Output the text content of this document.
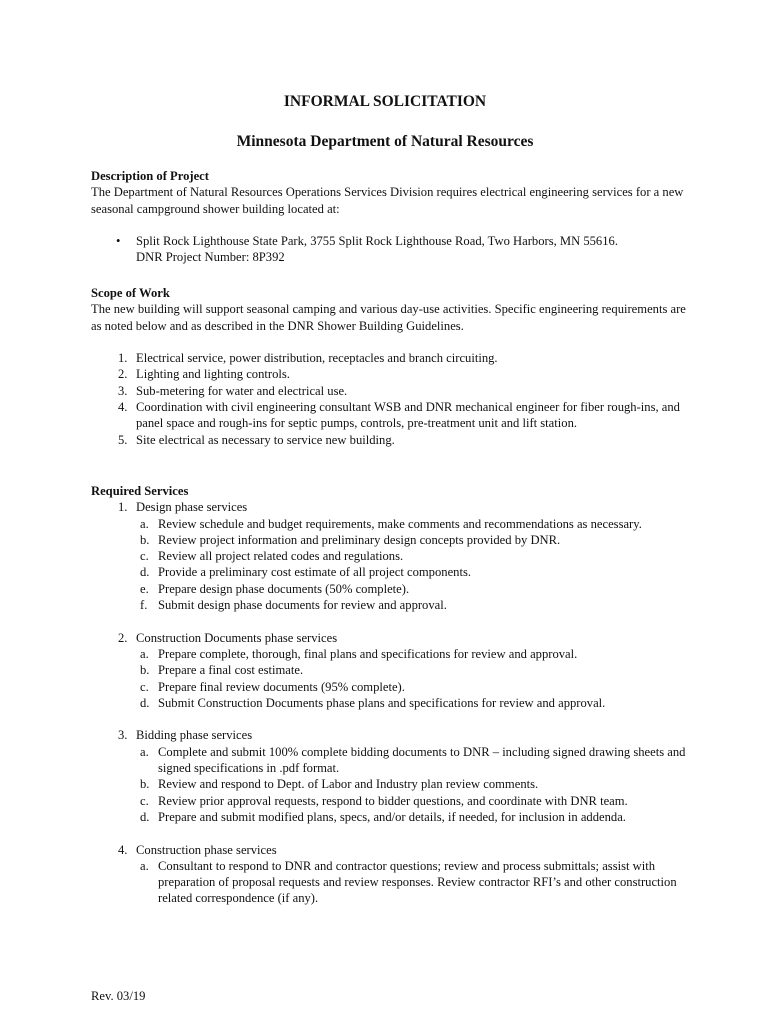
INFORMAL SOLICITATION
Minnesota Department of Natural Resources

Description of Project

The Department of Natural Resources Operations Services Division requires electrical engineering services for a new seasonal campground shower building located at:

•	Split Rock Lighthouse State Park, 3755 Split Rock Lighthouse Road, Two Harbors, MN 55616.

DNR Project Number: 8P392

Scope of Work

The new building will support seasonal camping and various day-use activities. Specific engineering requirements are as noted below and as described in the DNR Shower Building Guidelines.

1. Electrical service, power distribution, receptacles and branch circuiting.
2. Lighting and lighting controls.
3. Sub-metering for water and electrical use.
4. Coordination with civil engineering consultant WSB and DNR mechanical engineer for fiber rough-ins, and panel space and rough-ins for septic pumps, controls, pre-treatment unit and lift station.
5. Site electrical as necessary to service new building.

Required Services

1. Design phase services
a. Review schedule and budget requirements, make comments and recommendations as necessary.
b. Review project information and preliminary design concepts provided by DNR.
c. Review all project related codes and regulations.
d. Provide a preliminary cost estimate of all project components.
e. Prepare design phase documents (50% complete).
f. Submit design phase documents for review and approval.
2. Construction Documents phase services
a. Prepare complete, thorough, final plans and specifications for review and approval.
b. Prepare a final cost estimate.
c. Prepare final review documents (95% complete).
d. Submit Construction Documents phase plans and specifications for review and approval.
3. Bidding phase services
a. Complete and submit 100% complete bidding documents to DNR – including signed drawing sheets and signed specifications in .pdf format.
b. Review and respond to Dept. of Labor and Industry plan review comments.
c. Review prior approval requests, respond to bidder questions, and coordinate with DNR team.
d. Prepare and submit modified plans, specs, and/or details, if needed, for inclusion in addenda.
4. Construction phase services
a. Consultant to respond to DNR and contractor questions; review and process submittals; assist with preparation of proposal requests and review responses. Review contractor RFI’s and other construction related correspondence (if any).
Rev. 03/19
